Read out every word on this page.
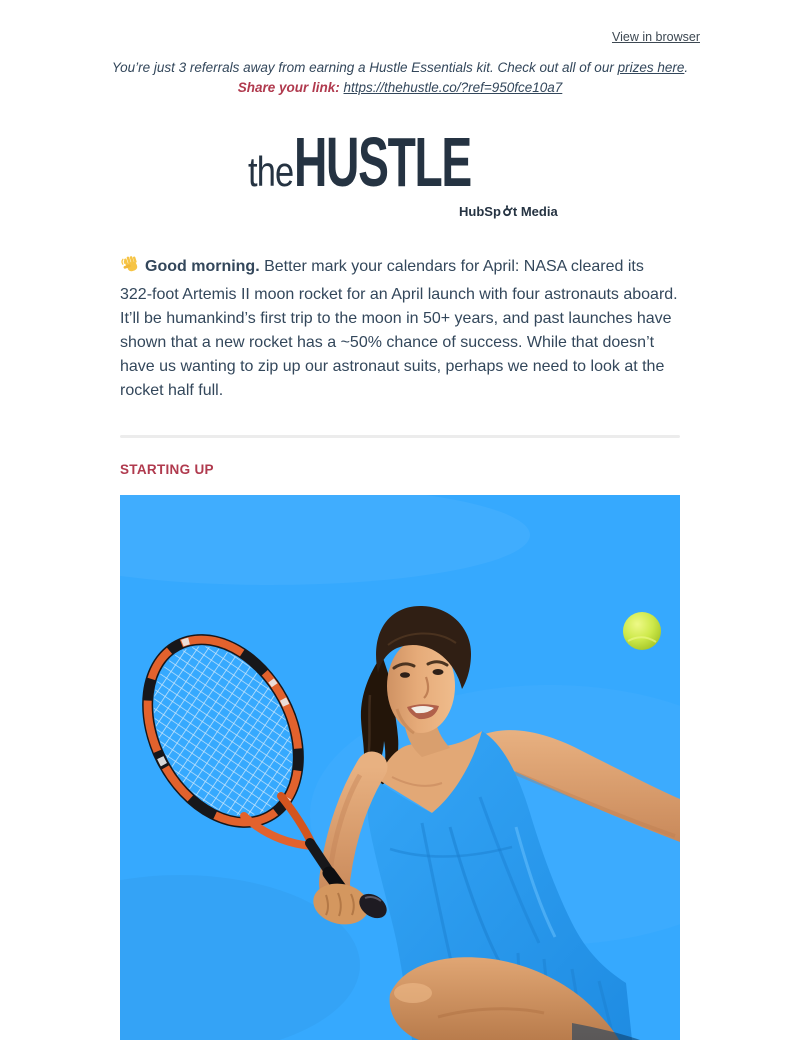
View in browser
You’re just 3 referrals away from earning a Hustle Essentials kit. Check out all of our prizes here.
Share your link: https://thehustle.co/?ref=950fce10a7
the HUSTLE
HubSp t Media

Good morning. Better mark your calendars for April: NASA cleared its 322-foot Artemis II moon rocket for an April launch with four astronauts aboard. It’ll be humankind’s first trip to the moon in 50+ years, and past launches have shown that a new rocket has a ~50% chance of success. While that doesn’t have us wanting to zip up our astronaut suits, perhaps we need to look at the rocket half full.

STARTING UP
